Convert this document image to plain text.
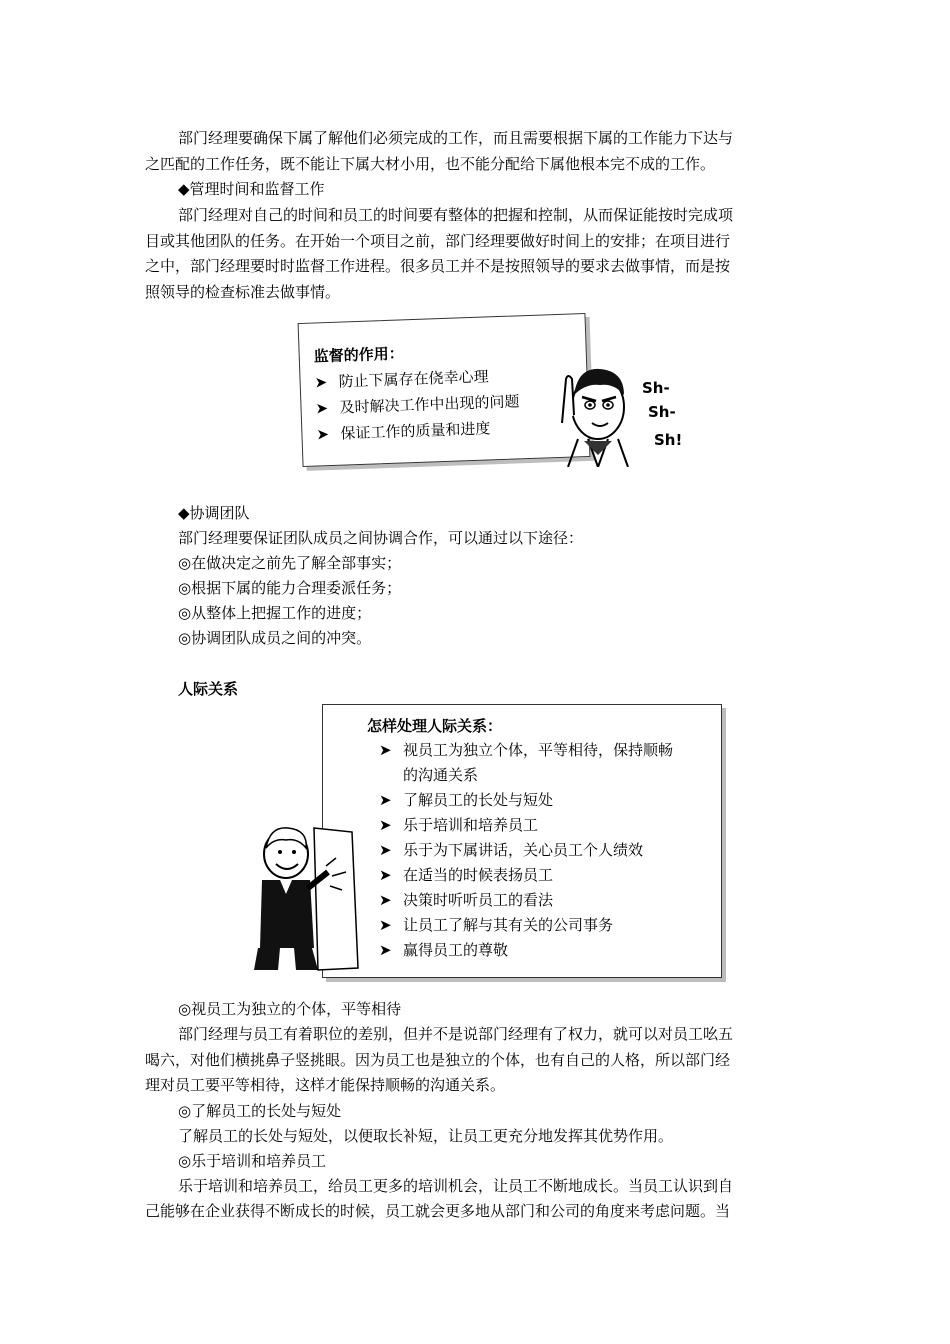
部门经理要确保下属了解他们必须完成的工作，而且需要根据下属的工作能力下达与
之匹配的工作任务，既不能让下属大材小用，也不能分配给下属他根本完不成的工作。
◆管理时间和监督工作
部门经理对自己的时间和员工的时间要有整体的把握和控制，从而保证能按时完成项
目或其他团队的任务。在开始一个项目之前，部门经理要做好时间上的安排；在项目进行
之中，部门经理要时时监督工作进程。很多员工并不是按照领导的要求去做事情，而是按
照领导的检查标准去做事情。
监督的作用：
➤ 防止下属存在侥幸心理
➤ 及时解决工作中出现的问题
➤ 保证工作的质量和进度
Sh-
Sh-
Sh!
◆协调团队
部门经理要保证团队成员之间协调合作，可以通过以下途径：
◎在做决定之前先了解全部事实；
◎根据下属的能力合理委派任务；
◎从整体上把握工作的进度；
◎协调团队成员之间的冲突。
人际关系
怎样处理人际关系：
➤ 视员工为独立个体，平等相待，保持顺畅
的沟通关系
➤ 了解员工的长处与短处
➤ 乐于培训和培养员工
➤ 乐于为下属讲话，关心员工个人绩效
➤ 在适当的时候表扬员工
➤ 决策时听听员工的看法
➤ 让员工了解与其有关的公司事务
➤ 赢得员工的尊敬
◎视员工为独立的个体，平等相待
部门经理与员工有着职位的差别，但并不是说部门经理有了权力，就可以对员工吆五
喝六，对他们横挑鼻子竖挑眼。因为员工也是独立的个体，也有自己的人格，所以部门经
理对员工要平等相待，这样才能保持顺畅的沟通关系。
◎了解员工的长处与短处
了解员工的长处与短处，以便取长补短，让员工更充分地发挥其优势作用。
◎乐于培训和培养员工
乐于培训和培养员工，给员工更多的培训机会，让员工不断地成长。当员工认识到自
己能够在企业获得不断成长的时候，员工就会更多地从部门和公司的角度来考虑问题。当
